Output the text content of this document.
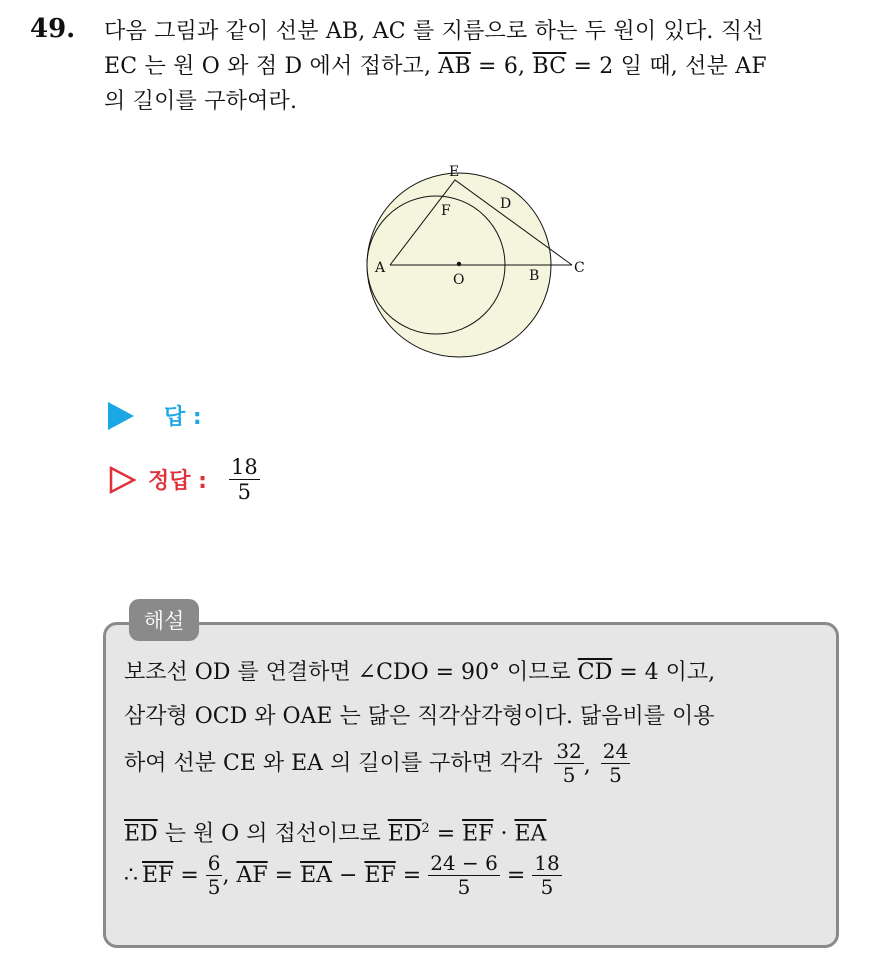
49. 다음 그림과 같이 선분 AB, AC 를 지름으로 하는 두 원이 있다. 직선
EC 는 원 O 와 점 D 에서 접하고, $\overline{AB} = 6$, $\overline{BC} = 2$ 일 때, 선분 AF
의 길이를 구하여라.
E
F	D
A
O	B C
답 :
정답 : $\frac{18}{5}$
해설
보조선 OD 를 연결하면 ∠CDO = 90° 이므로 $\overline{CD} = 4$ 이고,
삼각형 OCD 와 OAE 는 닮은 직각삼각형이다. 닮음비를 이용
하여 선분 CE 와 EA 의 길이를 구하면 각각 $\frac{32}{5}$ , $\frac{24}{5}$
$\overline{ED}$ 는 원 O 의 접선이므로 $\overline{ED}^2 = \overline{EF} \cdot \overline{EA}$
∴ $\overline{EF} = \frac{6}{5}$ , $\overline{AF} = \overline{EA} - \overline{EF} = \frac{24 - 6}{5} = \frac{18}{5}$
